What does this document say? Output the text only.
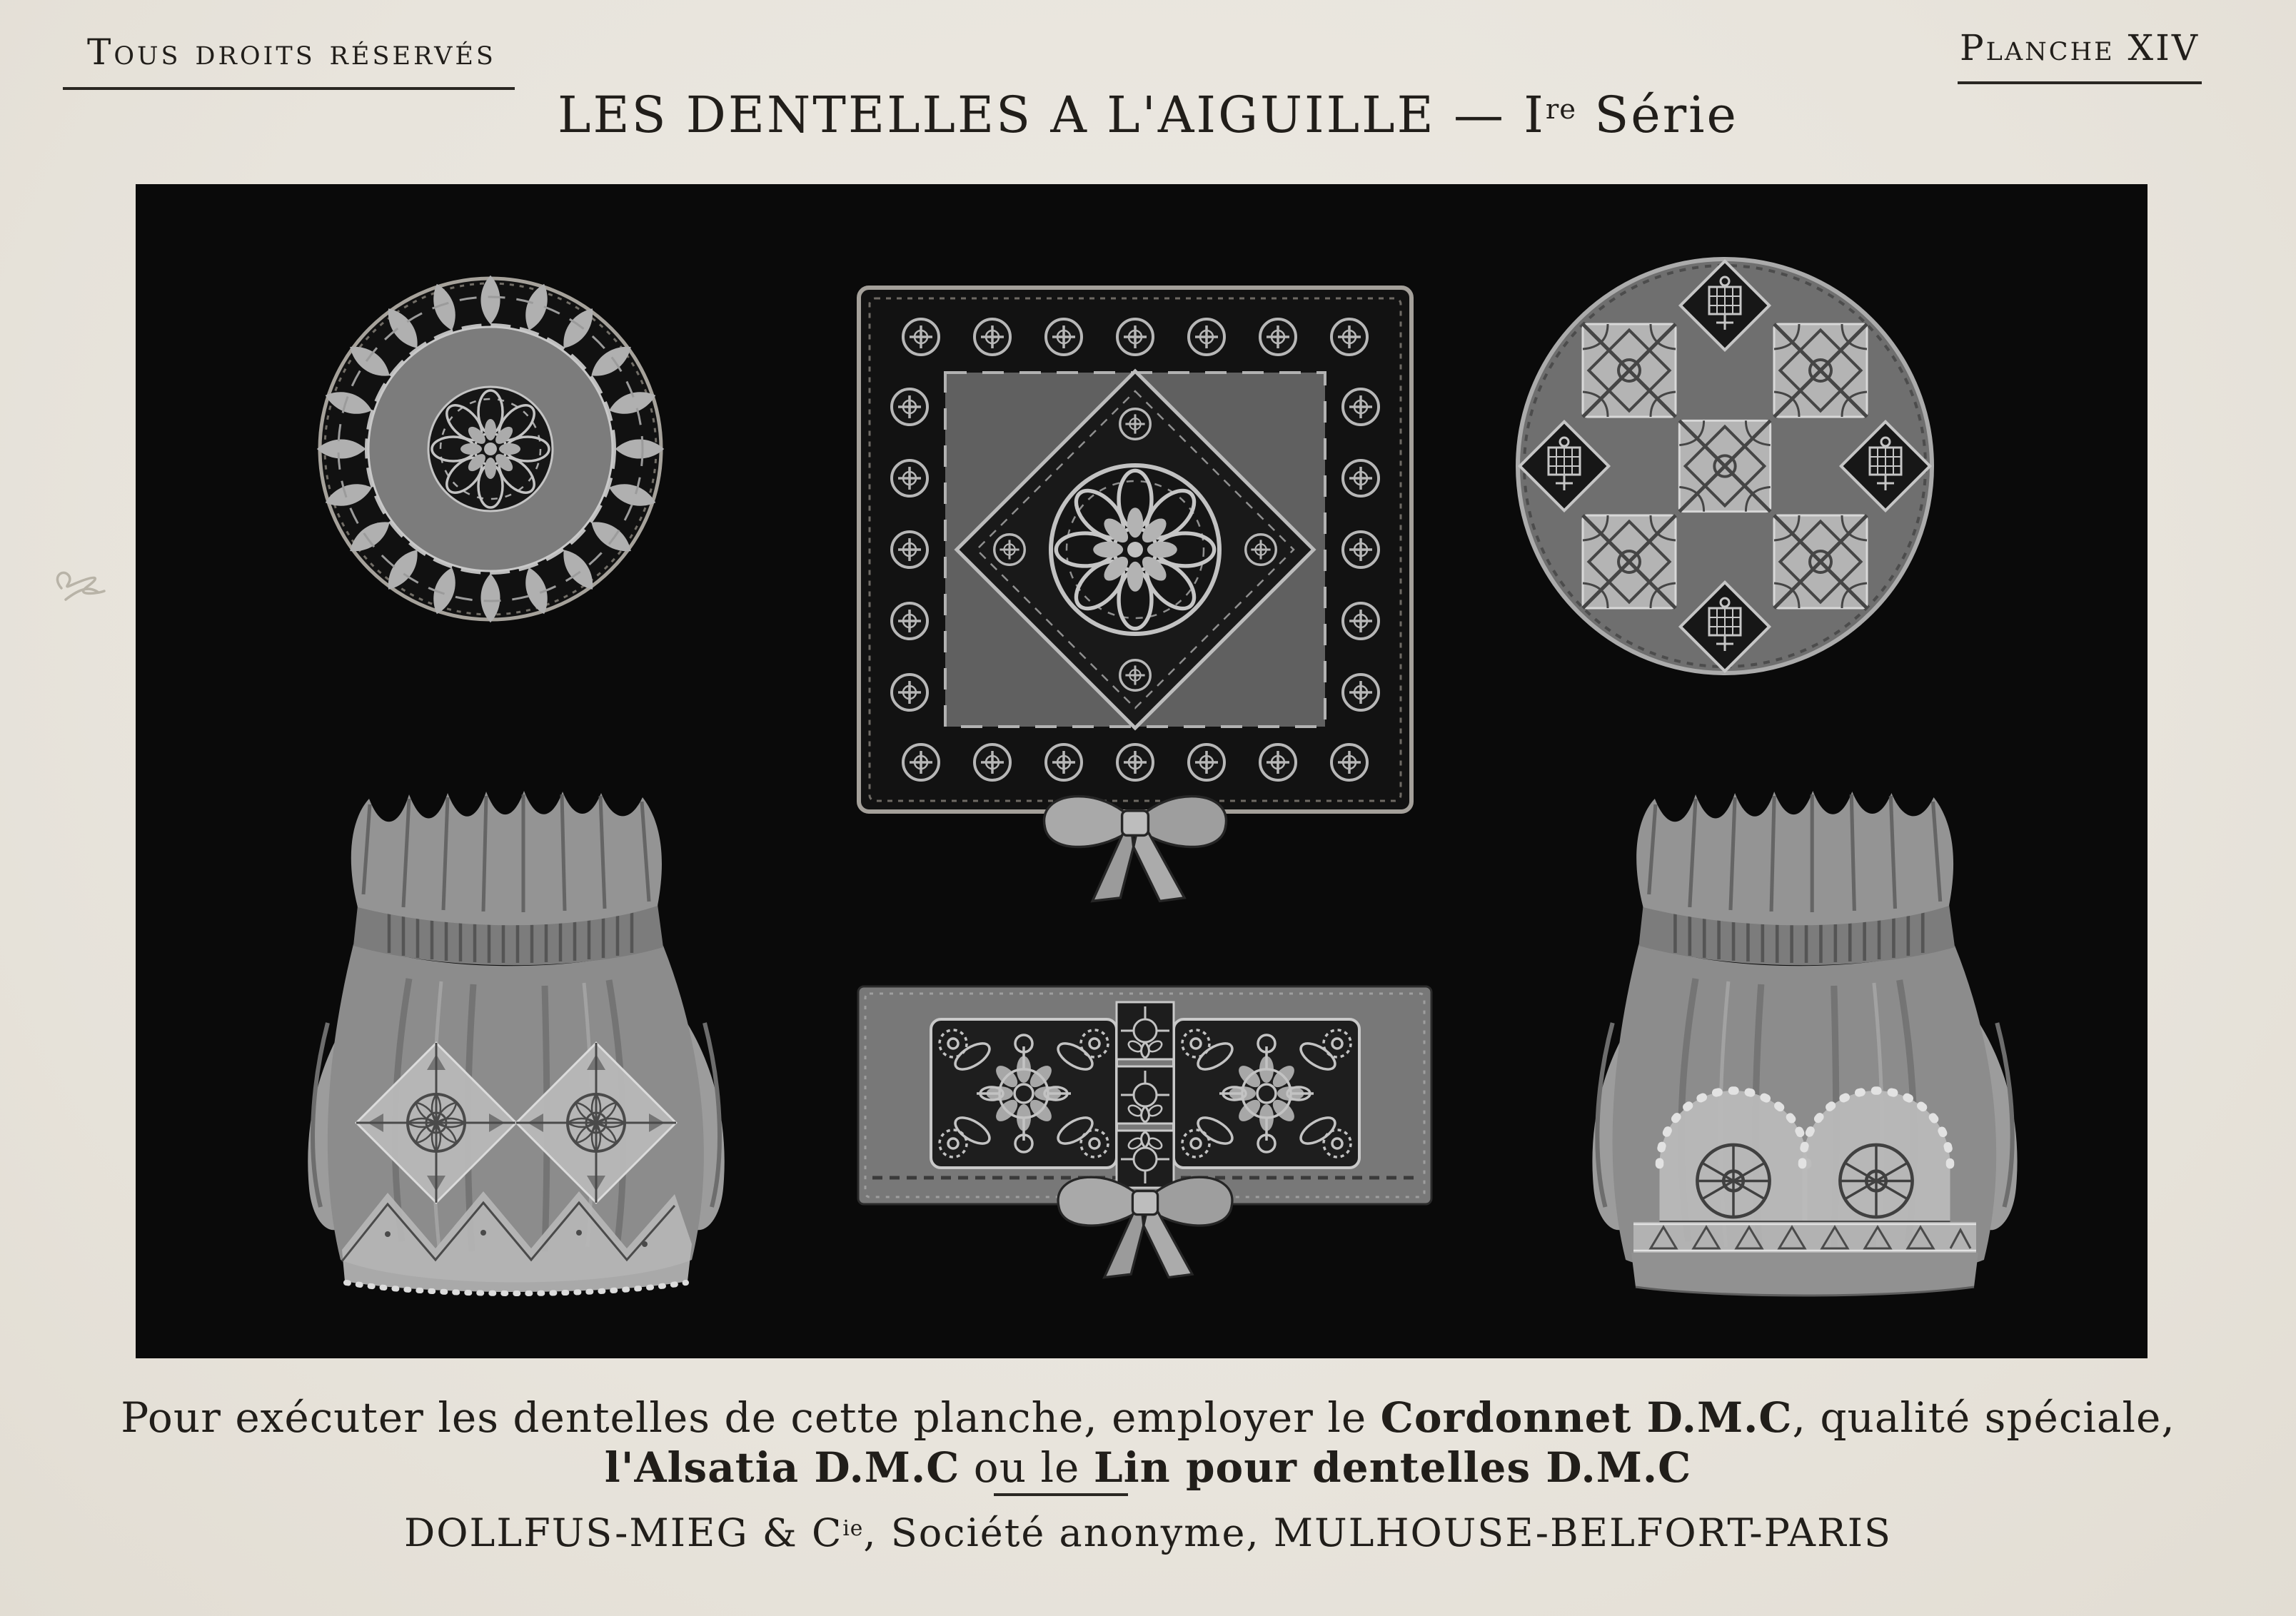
Tous droits réservés	Planche XIV
LES DENTELLES A L'AIGUILLE — Ire Série

Pour exécuter les dentelles de cette planche, employer le Cordonnet D.M.C, qualité spéciale,

l'Alsatia D.M.C ou le Lin pour dentelles D.M.C

DOLLFUS-MIEG & $C^{ie}$, Société anonyme, MULHOUSE-BELFORT-PARIS
